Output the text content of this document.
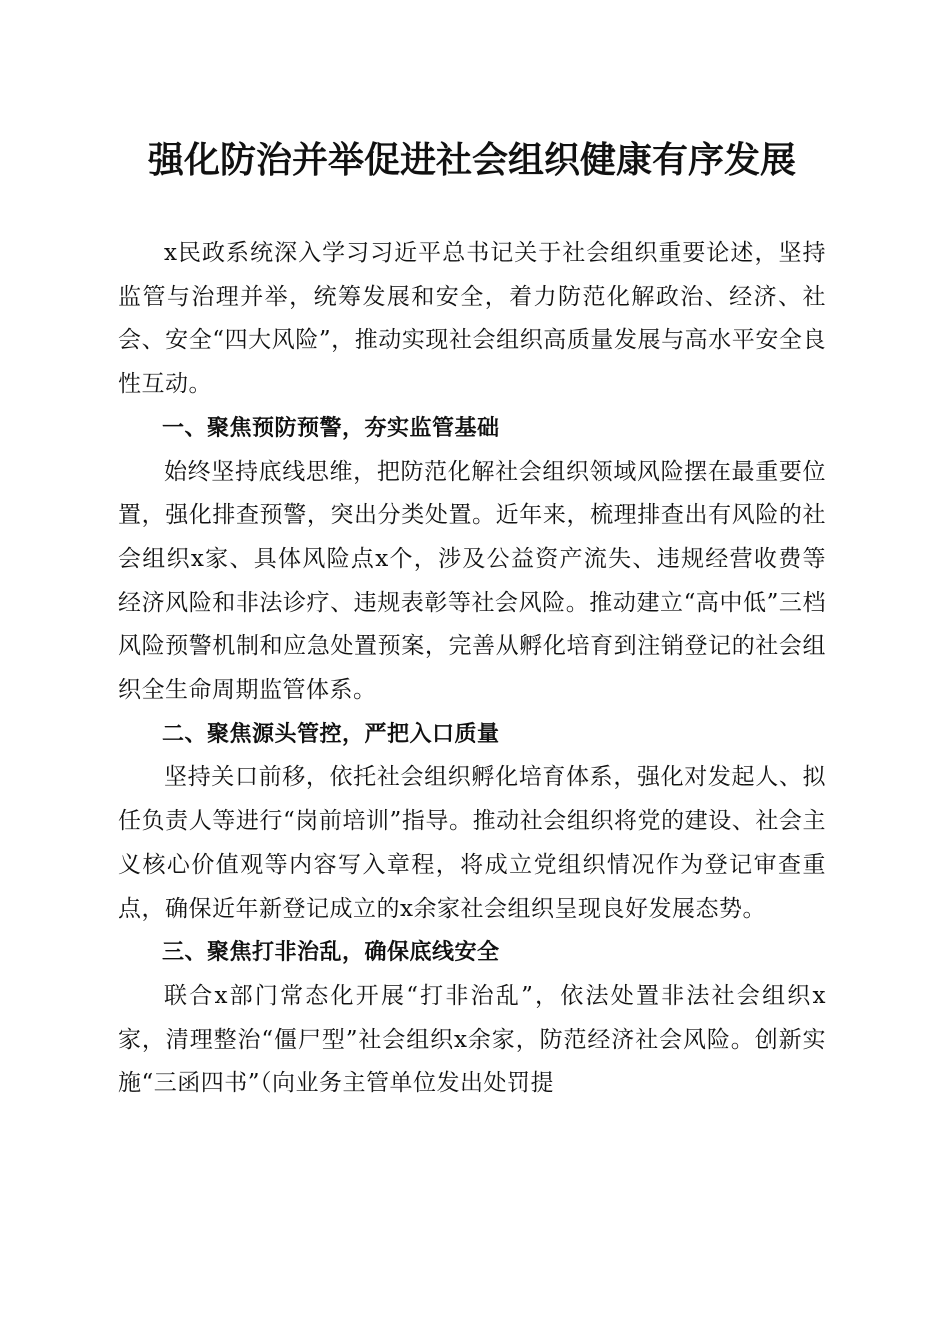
强化防治并举促进社会组织健康有序发展

x民政系统深入学习习近平总书记关于社会组织重要论述，坚持监管与治理并举，统筹发展和安全，着力防范化解政治、经济、社会、安全“四大风险”，推动实现社会组织高质量发展与高水平安全良性互动。

一、聚焦预防预警，夯实监管基础

始终坚持底线思维，把防范化解社会组织领域风险摆在最重要位置，强化排查预警，突出分类处置。近年来，梳理排查出有风险的社会组织x家、具体风险点x个，涉及公益资产流失、违规经营收费等经济风险和非法诊疗、违规表彰等社会风险。推动建立“高中低”三档风险预警机制和应急处置预案，完善从孵化培育到注销登记的社会组织全生命周期监管体系。

二、聚焦源头管控，严把入口质量

坚持关口前移，依托社会组织孵化培育体系，强化对发起人、拟任负责人等进行“岗前培训”指导。推动社会组织将党的建设、社会主义核心价值观等内容写入章程，将成立党组织情况作为登记审查重点，确保近年新登记成立的x余家社会组织呈现良好发展态势。

三、聚焦打非治乱，确保底线安全

联合x部门常态化开展“打非治乱”，依法处置非法社会组织x家，清理整治“僵尸型”社会组织x余家，防范经济社会风险。创新实施“三函四书”（向业务主管单位发出处罚提
